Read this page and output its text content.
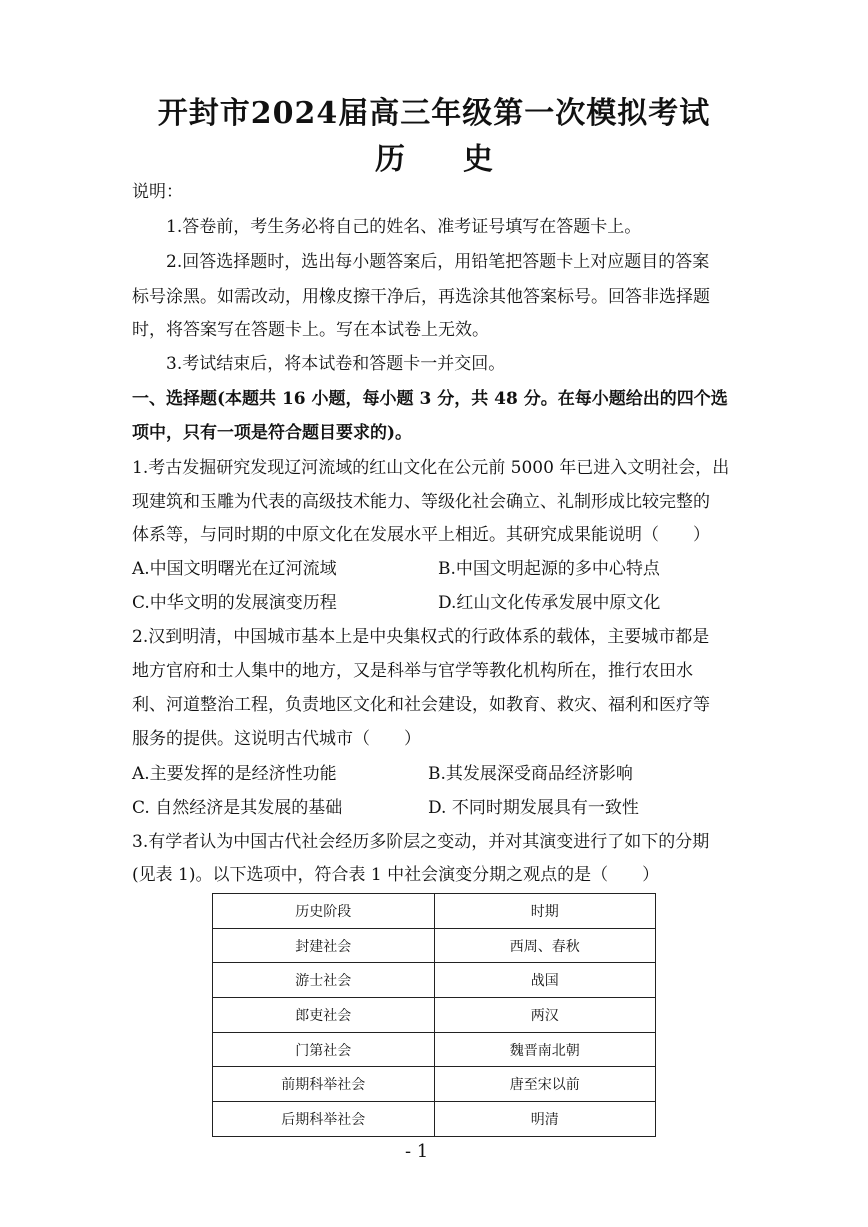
开封市2024届高三年级第一次模拟考试
历 史
说明：
1.答卷前，考生务必将自己的姓名、准考证号填写在答题卡上。
2.回答选择题时，选出每小题答案后，用铅笔把答题卡上对应题目的答案
标号涂黑。如需改动，用橡皮擦干净后，再选涂其他答案标号。回答非选择题
时，将答案写在答题卡上。写在本试卷上无效。
3.考试结束后，将本试卷和答题卡一并交回。
一、选择题(本题共 16 小题，每小题 3 分，共 48 分。在每小题给出的四个选
项中，只有一项是符合题目要求的)。
1.考古发掘研究发现辽河流域的红山文化在公元前 5000 年已进入文明社会，出
现建筑和玉雕为代表的高级技术能力、等级化社会确立、礼制形成比较完整的
体系等，与同时期的中原文化在发展水平上相近。其研究成果能说明（　　）
A.中国文明曙光在辽河流域	B.中国文明起源的多中心特点
C.中华文明的发展演变历程	D.红山文化传承发展中原文化
2.汉到明清，中国城市基本上是中央集权式的行政体系的载体，主要城市都是
地方官府和士人集中的地方，又是科举与官学等教化机构所在，推行农田水
利、河道整治工程，负责地区文化和社会建设，如教育、救灾、福利和医疗等
服务的提供。这说明古代城市（　　）
A.主要发挥的是经济性功能	B.其发展深受商品经济影响
C. 自然经济是其发展的基础	D. 不同时期发展具有一致性
3.有学者认为中国古代社会经历多阶层之变动，并对其演变进行了如下的分期
(见表 1)。以下选项中，符合表 1 中社会演变分期之观点的是（　　）
历史阶段	时期
封建社会	西周、春秋
游士社会	战国
郎吏社会	两汉
门第社会	魏晋南北朝
前期科举社会	唐至宋以前
后期科举社会	明清
- 1
